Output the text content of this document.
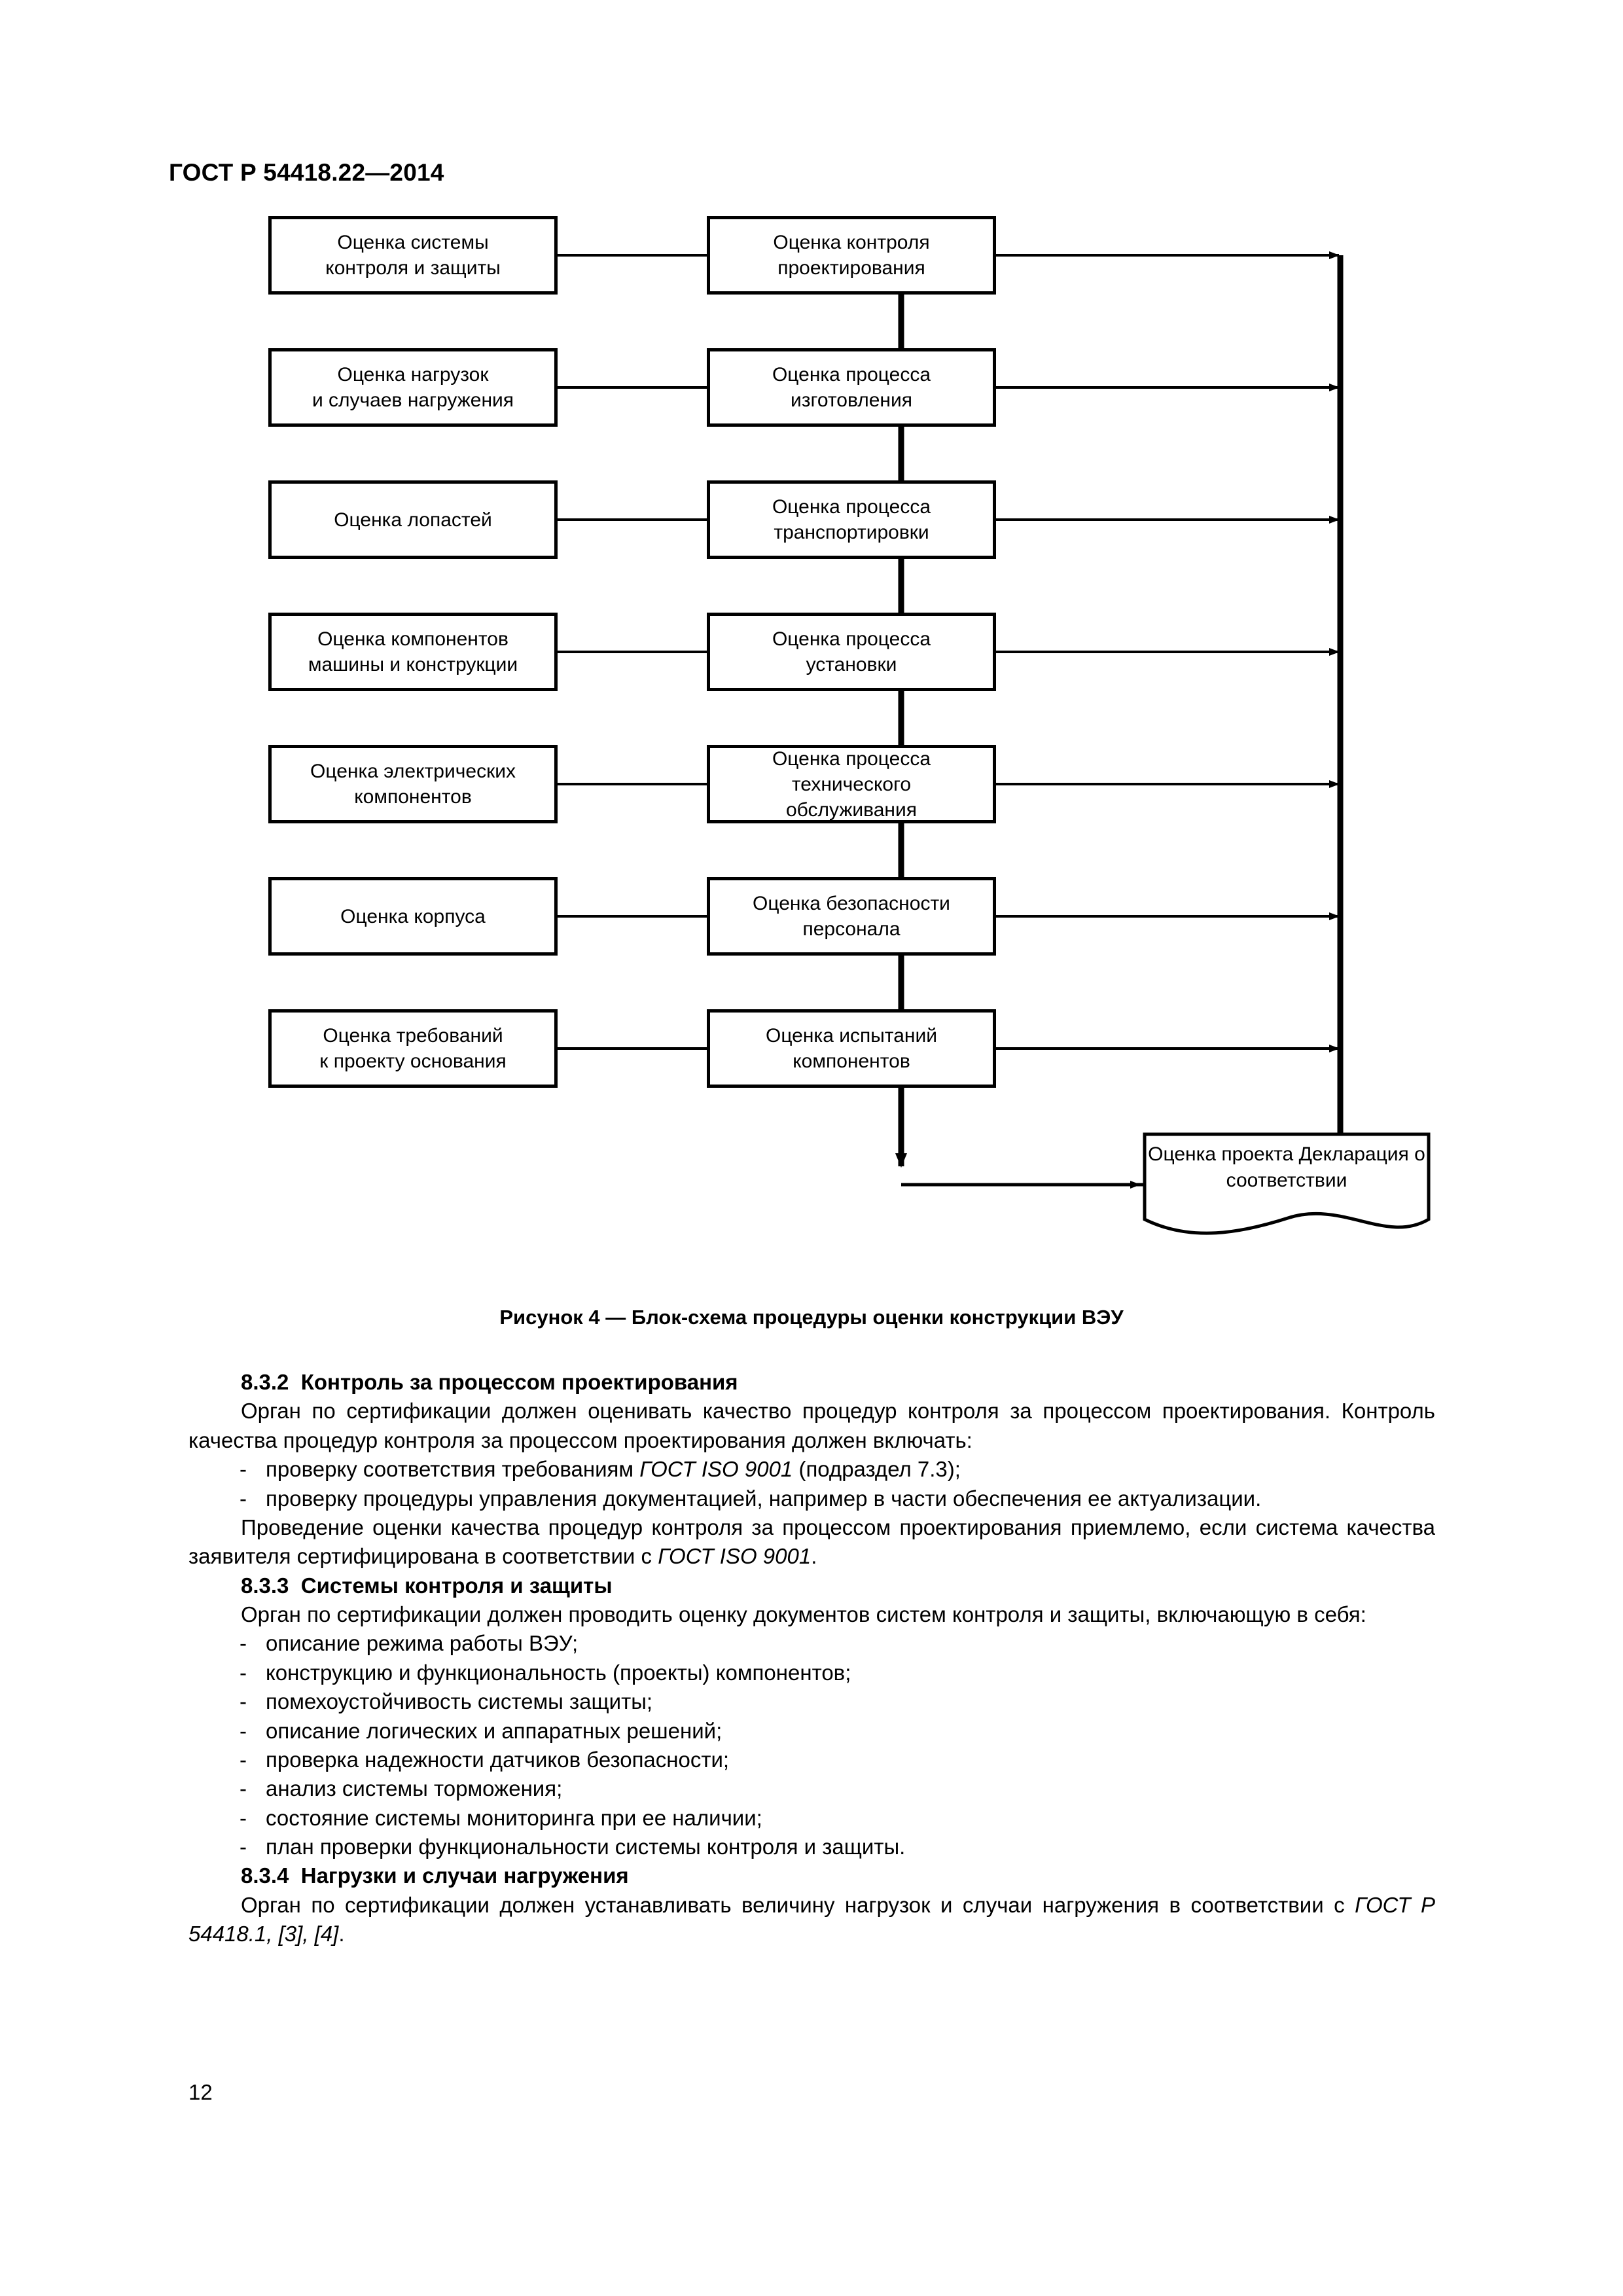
ГОСТ Р 54418.22—2014
Оценка системы
контроля и защиты
Оценка нагрузок
и случаев нагружения
Оценка лопастей
Оценка компонентов
машины и конструкции
Оценка электрических
компонентов
Оценка корпуса
Оценка требований
к проекту основания
Оценка контроля
проектирования
Оценка процесса
изготовления
Оценка процесса
транспортировки
Оценка процесса
установки
Оценка процесса
технического
обслуживания
Оценка безопасности
персонала
Оценка испытаний
компонентов
Оценка проекта Декларация о соответствии
Рисунок 4 — Блок-схема процедуры оценки конструкции ВЭУ

8.3.2 Контроль за процессом проектирования

Орган по сертификации должен оценивать качество процедур контроля за процессом проектирования. Контроль качества процедур контроля за процессом проектирования должен включать:

- проверку соответствия требованиям ГОСТ ISO 9001 (подраздел 7.3);

- проверку процедуры управления документацией, например в части обеспечения ее актуализации.

Проведение оценки качества процедур контроля за процессом проектирования приемлемо, если система качества заявителя сертифицирована в соответствии с ГОСТ ISO 9001.

8.3.3 Системы контроля и защиты

Орган по сертификации должен проводить оценку документов систем контроля и защиты, включающую в себя:

- описание режима работы ВЭУ;

- конструкцию и функциональность (проекты) компонентов;

- помехоустойчивость системы защиты;

- описание логических и аппаратных решений;

- проверка надежности датчиков безопасности;

- анализ системы торможения;

- состояние системы мониторинга при ее наличии;

- план проверки функциональности системы контроля и защиты.

8.3.4 Нагрузки и случаи нагружения

Орган по сертификации должен устанавливать величину нагрузок и случаи нагружения в соответствии с ГОСТ Р 54418.1, [3], [4].

12
